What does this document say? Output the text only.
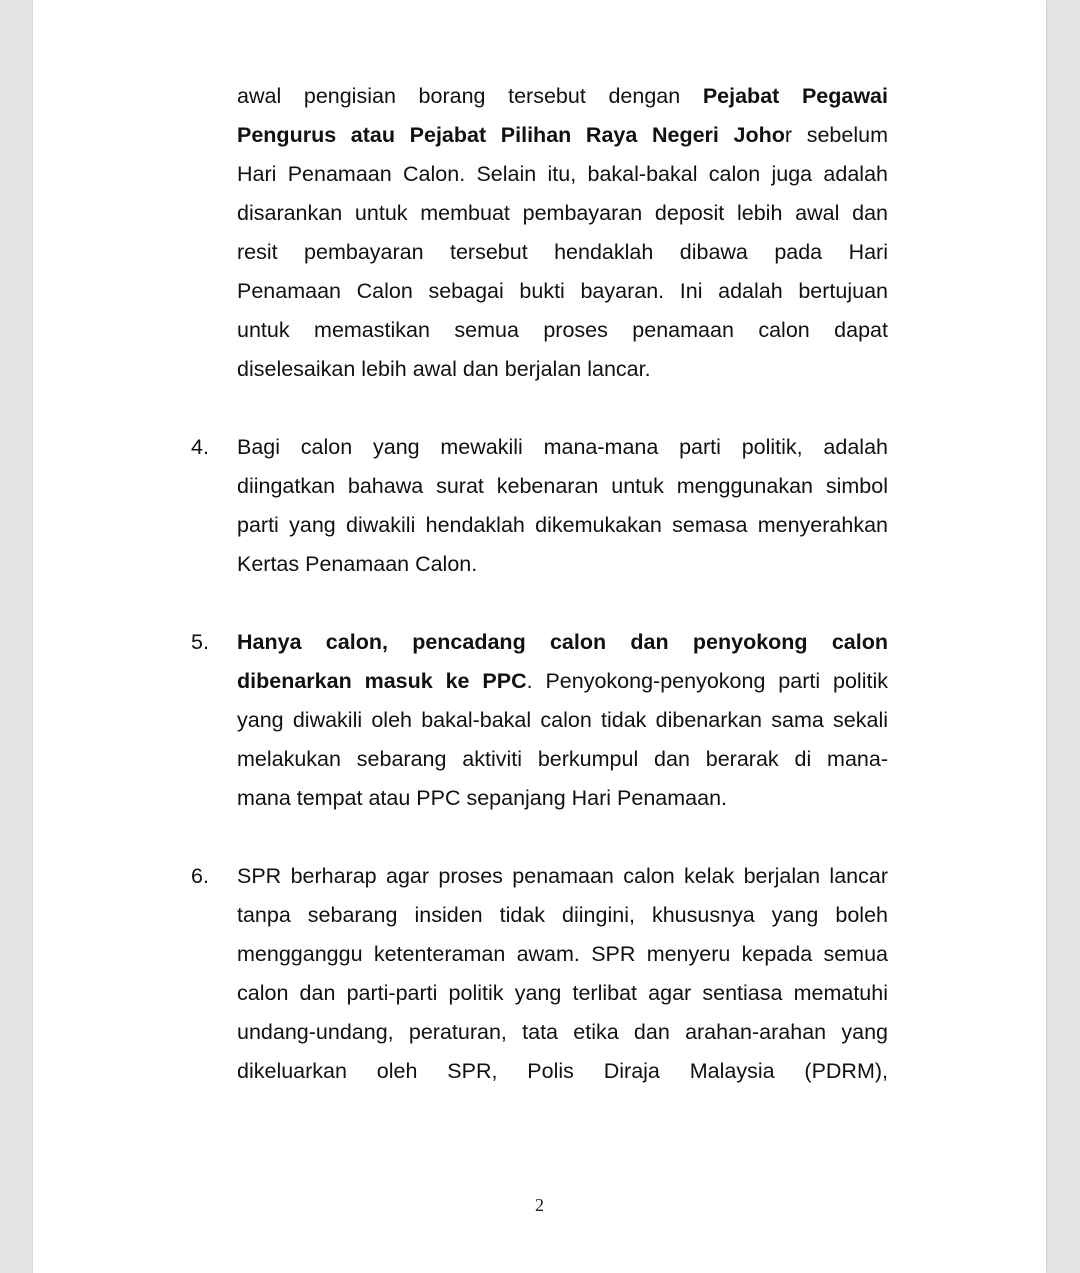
awal pengisian borang tersebut dengan Pejabat Pegawai
Pengurus atau Pejabat Pilihan Raya Negeri Johor sebelum
Hari Penamaan Calon. Selain itu, bakal-bakal calon juga adalah
disarankan untuk membuat pembayaran deposit lebih awal dan
resit pembayaran tersebut hendaklah dibawa pada Hari
Penamaan Calon sebagai bukti bayaran. Ini adalah bertujuan
untuk memastikan semua proses penamaan calon dapat
diselesaikan lebih awal dan berjalan lancar.
4.	Bagi calon yang mewakili mana-mana parti politik, adalah
diingatkan bahawa surat kebenaran untuk menggunakan simbol
parti yang diwakili hendaklah dikemukakan semasa menyerahkan
Kertas Penamaan Calon.
5.	Hanya calon, pencadang calon dan penyokong calon
dibenarkan masuk ke PPC. Penyokong-penyokong parti politik
yang diwakili oleh bakal-bakal calon tidak dibenarkan sama sekali
melakukan sebarang aktiviti berkumpul dan berarak di mana-
mana tempat atau PPC sepanjang Hari Penamaan.
6.	SPR berharap agar proses penamaan calon kelak berjalan lancar
tanpa sebarang insiden tidak diingini, khususnya yang boleh
mengganggu ketenteraman awam. SPR menyeru kepada semua
calon dan parti-parti politik yang terlibat agar sentiasa mematuhi
undang-undang, peraturan, tata etika dan arahan-arahan yang
dikeluarkan oleh SPR, Polis Diraja Malaysia (PDRM),
2
